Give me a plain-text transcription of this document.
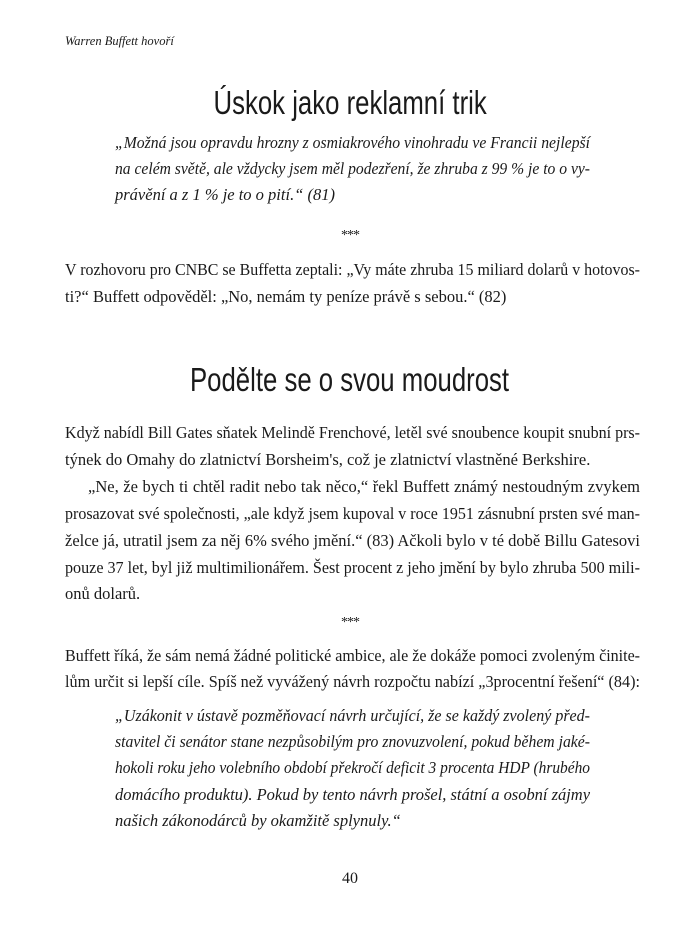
Warren Buffett hovoří
Úskok jako reklamní trik
„Možná jsou opravdu hrozny z osmiakrového vinohradu ve Francii nejlepší
na celém světě, ale vždycky jsem měl podezření, že zhruba z 99 % je to o vy-
právění a z 1 % je to o pití.“ (81)
***
V rozhovoru pro CNBC se Buffetta zeptali: „Vy máte zhruba 15 miliard dolarů v hotovos-
ti?“ Buffett odpověděl: „No, nemám ty peníze právě s sebou.“ (82)
Podělte se o svou moudrost
Když nabídl Bill Gates sňatek Melindě Frenchové, letěl své snoubence koupit snubní prs-
týnek do Omahy do zlatnictví Borsheim's, což je zlatnictví vlastněné Berkshire.
„Ne, že bych ti chtěl radit nebo tak něco,“ řekl Buffett známý nestoudným zvykem
prosazovat své společnosti, „ale když jsem kupoval v roce 1951 zásnubní prsten své man-
želce já, utratil jsem za něj 6% svého jmění.“ (83) Ačkoli bylo v té době Billu Gatesovi
pouze 37 let, byl již multimilionářem. Šest procent z jeho jmění by bylo zhruba 500 mili-
onů dolarů.
***
Buffett říká, že sám nemá žádné politické ambice, ale že dokáže pomoci zvoleným činite-
lům určit si lepší cíle. Spíš než vyvážený návrh rozpočtu nabízí „3procentní řešení“ (84):
„Uzákonit v ústavě pozměňovací návrh určující, že se každý zvolený před-
stavitel či senátor stane nezpůsobilým pro znovuzvolení, pokud během jaké-
hokoli roku jeho volebního období překročí deficit 3 procenta HDP (hrubého
domácího produktu). Pokud by tento návrh prošel, státní a osobní zájmy
našich zákonodárců by okamžitě splynuly.“
40
